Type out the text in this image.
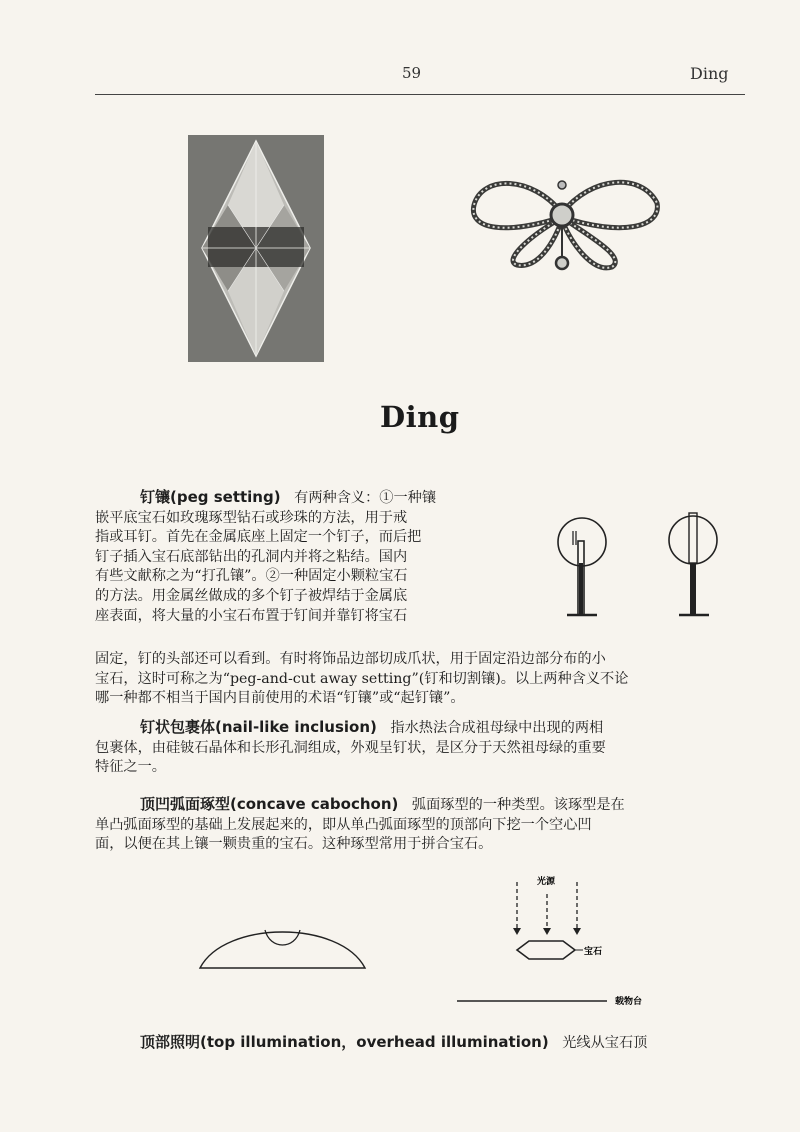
59	Ding
Ding
钉镶(peg setting) 有两种含义：①一种镶
嵌平底宝石如玫瑰琢型钻石或珍珠的方法，用于戒
指或耳钉。首先在金属底座上固定一个钉子，而后把
钉子插入宝石底部钻出的孔洞内并将之粘结。国内
有些文献称之为“打孔镶”。②一种固定小颗粒宝石
的方法。用金属丝做成的多个钉子被焊结于金属底
座表面，将大量的小宝石布置于钉间并靠钉将宝石
固定，钉的头部还可以看到。有时将饰品边部切成爪状，用于固定沿边部分布的小
宝石，这时可称之为“peg-and-cut away setting”(钉和切割镶)。以上两种含义不论
哪一种都不相当于国内目前使用的术语“钉镶”或“起钉镶”。
钉状包裹体(nail-like inclusion) 指水热法合成祖母绿中出现的两相
包裹体，由硅铍石晶体和长形孔洞组成，外观呈钉状，是区分于天然祖母绿的重要
特征之一。
顶凹弧面琢型(concave cabochon) 弧面琢型的一种类型。该琢型是在
单凸弧面琢型的基础上发展起来的，即从单凸弧面琢型的顶部向下挖一个空心凹
面，以便在其上镶一颗贵重的宝石。这种琢型常用于拼合宝石。
光源
宝石
载物台
顶部照明(top illumination，overhead illumination) 光线从宝石顶
